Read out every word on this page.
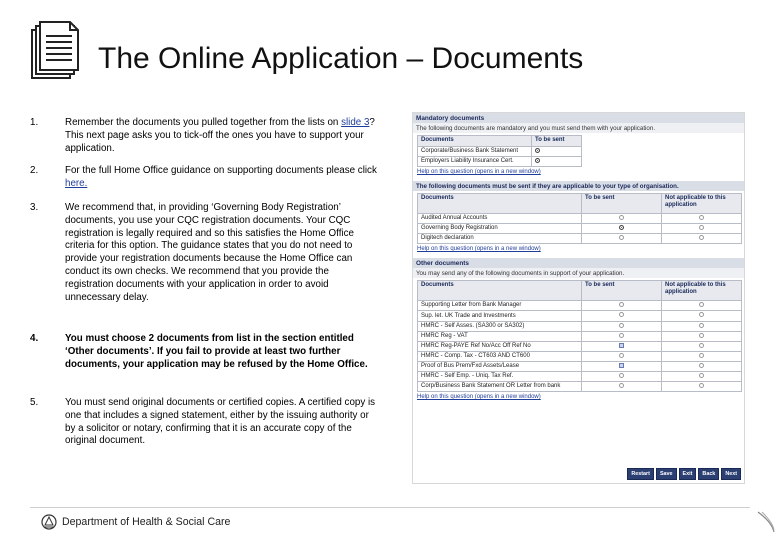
The Online Application – Documents
1.	Remember the documents you pulled together from the lists on slide 3? This next page asks you to tick-off the ones you have to support your application.
2.	For the full Home Office guidance on supporting documents please click here.
3.	We recommend that, in providing ‘Governing Body Registration’ documents, you use your CQC registration documents. Your CQC registration is legally required and so this satisfies the Home Office criteria for this option. The guidance states that you do not need to provide your registration documents because the Home Office can conduct its own checks. We recommend that you provide the registration documents with your application in order to avoid unnecessary delay.
4.	You must choose 2 documents from list in the section entitled ‘Other documents’. If you fail to provide at least two further documents, your application may be refused by the Home Office.
5.	You must send original documents or certified copies. A certified copy is one that includes a signed statement, either by the issuing authority or by a solicitor or notary, confirming that it is an accurate copy of the original document.
Mandatory documents
The following documents are mandatory and you must send them with your application.
Documents	To be sent
Corporate/Business Bank Statement	
Employers Liability Insurance Cert.	
Help on this question (opens in a new window)
The following documents must be sent if they are applicable to your type of organisation.
Documents	To be sent	Not applicable to this application
Audited Annual Accounts		
Governing Body Registration		
Digitech declaration		
Help on this question (opens in a new window)
Other documents
You may send any of the following documents in support of your application.
Documents	To be sent	Not applicable to this application
Supporting Letter from Bank Manager		
Sup. let. UK Trade and Investments		
HMRC - Self Asses. (SA300 or SA302)		
HMRC Reg - VAT		
HMRC Reg-PAYE Ref No/Acc Off Ref No		
HMRC - Comp. Tax - CT603 AND CT600		
Proof of Bus Prem/Fxd Assets/Lease		
HMRC - Self Emp. - Uniq. Tax Ref.		
Corp/Business Bank Statement OR Letter from bank		
Help on this question (opens in a new window)
Restart	Save	Exit	Back	Next
Department of Health & Social Care
